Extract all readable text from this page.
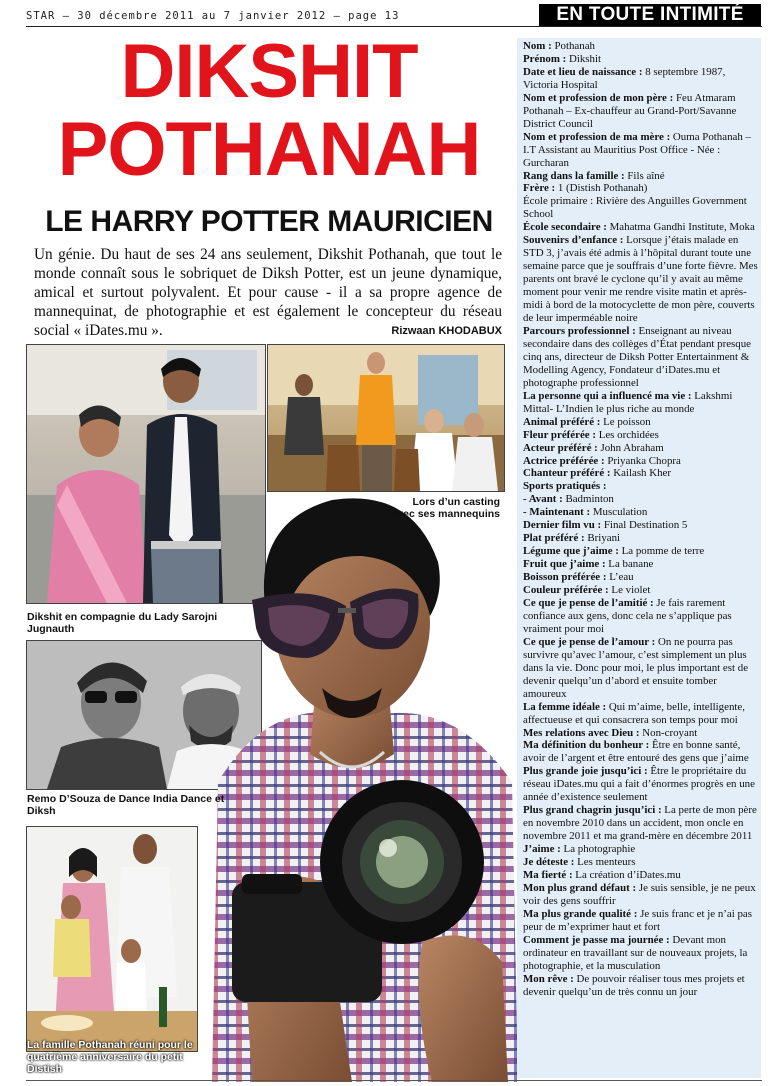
STAR – 30 décembre 2011 au 7 janvier 2012 – page 13	EN TOUTE INTIMITÉ
DIKSHIT
POTHANAH
LE HARRY POTTER MAURICIEN

Un génie. Du haut de ses 24 ans seulement, Dikshit Pothanah, que tout le monde connaît sous le sobriquet de Diksh Potter, est un jeune dynamique, amical et surtout polyvalent. Et pour cause - il a sa propre agence de mannequinat, de photographie et est également le concepteur du réseau social « iDates.mu ».	Rizwaan KHODABUX
Dikshit en compagnie du Lady Sarojni Jugnauth
Lors d’un casting avec ses mannequins
Remo D’Souza de Dance India Dance et Diksh
La famille Pothanah réuni pour le quatrième anniversaire du petit Distish

Nom : Pothanah

Prénom : Dikshit

Date et lieu de naissance : 8 septembre 1987, Victoria Hospital

Nom et profession de mon père : Feu Atmaram Pothanah – Ex-chauffeur au Grand-Port/Savanne District Council

Nom et profession de ma mère : Ouma Pothanah – I.T Assistant au Mauritius Post Office - Née : Gurcharan

Rang dans la famille : Fils aîné

Frère : 1 (Distish Pothanah)

École primaire : Rivière des Anguilles Government School

École secondaire : Mahatma Gandhi Institute, Moka

Souvenirs d’enfance : Lorsque j’étais malade en STD 3, j’avais été admis à l’hôpital durant toute une semaine parce que je souffrais d’une forte fièvre. Mes parents ont bravé le cyclone qu’il y avait au même moment pour venir me rendre visite matin et après-midi à bord de la motocyclette de mon père, couverts de leur imperméable noire

Parcours professionnel : Enseignant au niveau secondaire dans des collèges d’État pendant presque cinq ans, directeur de Diksh Potter Entertainment & Modelling Agency, Fondateur d’iDates.mu et photographe professionnel

La personne qui a influencé ma vie : Lakshmi Mittal- L’Indien le plus riche au monde

Animal préféré : Le poisson

Fleur préférée : Les orchidées

Acteur préféré : John Abraham

Actrice préférée : Priyanka Chopra

Chanteur préféré : Kailash Kher

Sports pratiqués :

- Avant : Badminton

- Maintenant : Musculation

Dernier film vu : Final Destination 5

Plat préféré : Briyani

Légume que j’aime : La pomme de terre

Fruit que j’aime : La banane

Boisson préférée : L’eau

Couleur préférée : Le violet

Ce que je pense de l’amitié : Je fais rarement confiance aux gens, donc cela ne s’applique pas vraiment pour moi

Ce que je pense de l’amour : On ne pourra pas survivre qu’avec l’amour, c’est simplement un plus dans la vie. Donc pour moi, le plus important est de devenir quelqu’un d’abord et ensuite tomber amoureux

La femme idéale : Qui m’aime, belle, intelligente, affectueuse et qui consacrera son temps pour moi

Mes relations avec Dieu : Non-croyant

Ma définition du bonheur : Être en bonne santé, avoir de l’argent et être entouré des gens que j’aime

Plus grande joie jusqu’ici : Être le propriétaire du réseau iDates.mu qui a fait d’énormes progrès en une année d’existence seulement

Plus grand chagrin jusqu’ici : La perte de mon père en novembre 2010 dans un accident, mon oncle en novembre 2011 et ma grand-mère en décembre 2011

J’aime : La photographie

Je déteste : Les menteurs

Ma fierté : La création d’iDates.mu

Mon plus grand défaut : Je suis sensible, je ne peux voir des gens souffrir

Ma plus grande qualité : Je suis franc et je n’ai pas peur de m’exprimer haut et fort

Comment je passe ma journée : Devant mon ordinateur en travaillant sur de nouveaux projets, la photographie, et la musculation

Mon rêve : De pouvoir réaliser tous mes projets et devenir quelqu’un de très connu un jour
